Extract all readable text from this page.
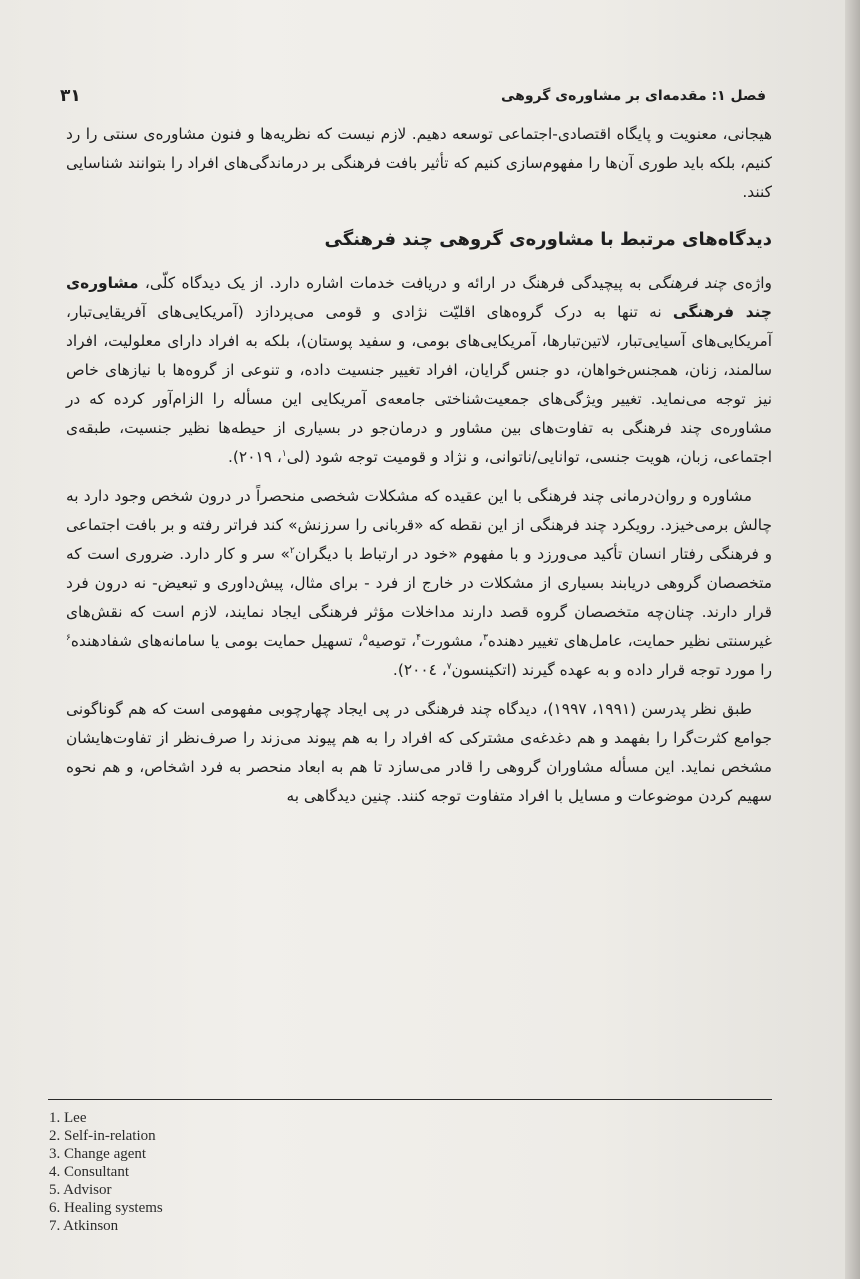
فصل ۱: مقدمه‌ای بر مشاوره‌ی گروهی
۳۱

هیجانی، معنویت و پایگاه اقتصادی-اجتماعی توسعه دهیم. لازم نیست که نظریه‌ها و فنون مشاوره‌ی سنتی را رد کنیم، بلکه باید طوری آن‌ها را مفهوم‌سازی کنیم که تأثیر بافت فرهنگی بر درماندگی‌های افراد را بتوانند شناسایی کنند.

دیدگاه‌های مرتبط با مشاوره‌ی گروهی چند فرهنگی

واژه‌ی چند فرهنگی به پیچیدگی فرهنگ در ارائه و دریافت خدمات اشاره دارد. از یک دیدگاه کلّی، مشاوره‌ی چند فرهنگی نه تنها به درک گروه‌های اقلیّت نژادی و قومی می‌پردازد (آمریکایی‌های آفریقایی‌تبار، آمریکایی‌های آسیایی‌تبار، لاتین‌تبارها، آمریکایی‌های بومی، و سفید پوستان)، بلکه به افراد دارای معلولیت، افراد سالمند، زنان، همجنس‌خواهان، دو جنس گرایان، افراد تغییر جنسیت داده، و تنوعی از گروه‌ها با نیازهای خاص نیز توجه می‌نماید. تغییر ویژگی‌های جمعیت‌شناختی جامعه‌ی آمریکایی این مسأله را الزام‌آور کرده که در مشاوره‌ی چند فرهنگی به تفاوت‌های بین مشاور و درمان‌جو در بسیاری از حیطه‌ها نظیر جنسیت، طبقه‌ی اجتماعی، زبان، هویت جنسی، توانایی/ناتوانی، و نژاد و قومیت توجه شود (لی$^۱$، ۲۰۱۹).

مشاوره و روان‌درمانی چند فرهنگی با این عقیده که مشکلات شخصی منحصراً در درون شخص وجود دارد به چالش برمی‌خیزد. رویکرد چند فرهنگی از این نقطه که «قربانی را سرزنش» کند فراتر رفته و بر بافت اجتماعی و فرهنگی رفتار انسان تأکید می‌ورزد و با مفهوم «خود در ارتباط با دیگران$^۲$» سر و کار دارد. ضروری است که متخصصان گروهی دریابند بسیاری از مشکلات در خارج از فرد - برای مثال، پیش‌داوری و تبعیض- نه درون فرد قرار دارند. چنان‌چه متخصصان گروه قصد دارند مداخلات مؤثر فرهنگی ایجاد نمایند، لازم است که نقش‌های غیرسنتی نظیر حمایت، عامل‌های تغییر دهنده$^۳$، مشورت$^۴$، توصیه$^۵$، تسهیل حمایت بومی یا سامانه‌های شفادهنده$^۶$ را مورد توجه قرار داده و به عهده گیرند (اتکینسون$^۷$، ۲۰۰٤).

طبق نظر پدرسن (۱۹۹۱، ۱۹۹۷)، دیدگاه چند فرهنگی در پی ایجاد چهارچوبی مفهومی است که هم گوناگونی جوامع کثرت‌گرا را بفهمد و هم دغدغه‌ی مشترکی که افراد را به هم پیوند می‌زند را صرف‌نظر از تفاوت‌هایشان مشخص نماید. این مسأله مشاوران گروهی را قادر می‌سازد تا هم به ابعاد منحصر به فرد اشخاص، و هم نحوه سهیم کردن موضوعات و مسایل با افراد متفاوت توجه کنند. چنین دیدگاهی به

1. Lee
2. Self-in-relation
3. Change agent
4. Consultant
5. Advisor
6. Healing systems
7. Atkinson
